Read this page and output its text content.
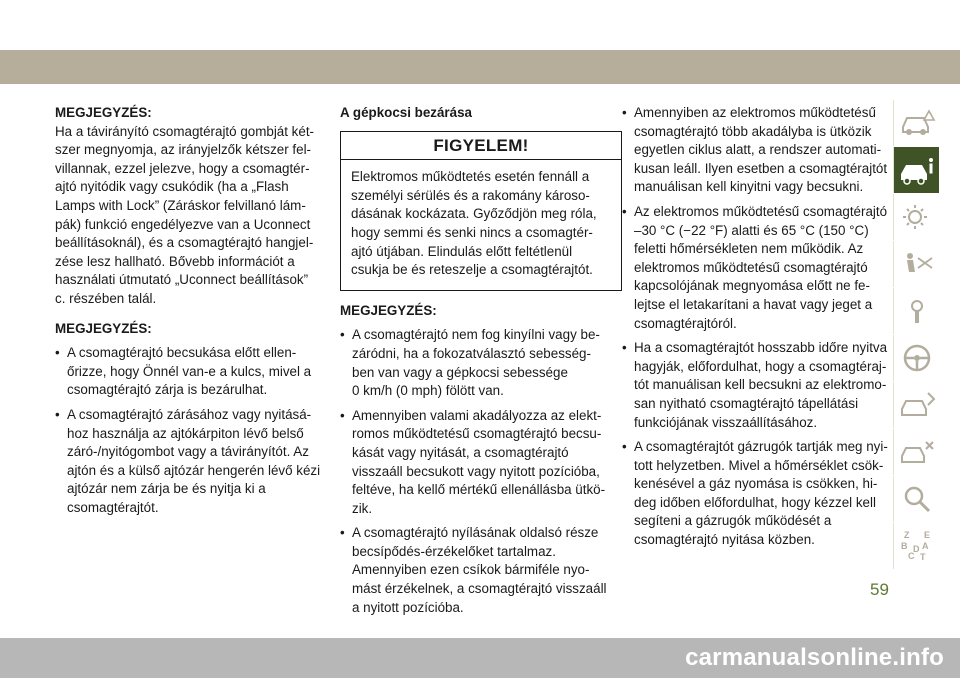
MEGJEGYZÉS:
Ha a távirányító csomagtérajtó gombját két-
szer megnyomja, az irányjelzők kétszer fel-
villannak, ezzel jelezve, hogy a csomagtér-
ajtó nyitódik vagy csukódik (ha a „Flash
Lamps with Lock” (Záráskor felvillanó lám-
pák) funkció engedélyezve van a Uconnect
beállításoknál), és a csomagtérajtó hangjel-
zése lesz hallható. Bővebb információt a
használati útmutató „Uconnect beállítások”
c. részében talál.
MEGJEGYZÉS:
• A csomagtérajtó becsukása előtt ellen-
őrizze, hogy Önnél van-e a kulcs, mivel a
csomagtérajtó zárja is bezárulhat.
• A csomagtérajtó zárásához vagy nyitásá-
hoz használja az ajtókárpiton lévő belső
záró-/nyitógombot vagy a távirányítót. Az
ajtón és a külső ajtózár hengerén lévő kézi
ajtózár nem zárja be és nyitja ki a
csomagtérajtót.
A gépkocsi bezárása
FIGYELEM!
Elektromos működtetés esetén fennáll a
személyi sérülés és a rakomány károso-
dásának kockázata. Győződjön meg róla,
hogy semmi és senki nincs a csomagtér-
ajtó útjában. Elindulás előtt feltétlenül
csukja be és reteszelje a csomagtérajtót.
MEGJEGYZÉS:
• A csomagtérajtó nem fog kinyílni vagy be-
záródni, ha a fokozatválasztó sebesség-
ben van vagy a gépkocsi sebessége
0 km/h (0 mph) fölött van.
• Amennyiben valami akadályozza az elekt-
romos működtetésű csomagtérajtó becsu-
kását vagy nyitását, a csomagtérajtó
visszaáll becsukott vagy nyitott pozícióba,
feltéve, ha kellő mértékű ellenállásba ütkö-
zik.
• A csomagtérajtó nyílásának oldalsó része
becsípődés-érzékelőket tartalmaz.
Amennyiben ezen csíkok bármiféle nyo-
mást érzékelnek, a csomagtérajtó visszaáll
a nyitott pozícióba.
• Amennyiben az elektromos működtetésű
csomagtérajtó több akadályba is ütközik
egyetlen ciklus alatt, a rendszer automati-
kusan leáll. Ilyen esetben a csomagtérajtót
manuálisan kell kinyitni vagy becsukni.
• Az elektromos működtetésű csomagtérajtó
–30 °C (−22 °F) alatti és 65 °C (150 °C)
feletti hőmérsékleten nem működik. Az
elektromos működtetésű csomagtérajtó
kapcsolójának megnyomása előtt ne fe-
lejtse el letakarítani a havat vagy jeget a
csomagtérajtóról.
• Ha a csomagtérajtót hosszabb időre nyitva
hagyják, előfordulhat, hogy a csomagtéraj-
tót manuálisan kell becsukni az elektromo-
san nyitható csomagtérajtó tápellátási
funkciójának visszaállításához.
• A csomagtérajtót gázrugók tartják meg nyi-
tott helyzetben. Mivel a hőmérséklet csök-
kenésével a gáz nyomása is csökken, hi-
deg időben előfordulhat, hogy kézzel kell
segíteni a gázrugók működését a
csomagtérajtó nyitása közben.	Z E
B A
C
D
T
59
carmanualsonline.info
